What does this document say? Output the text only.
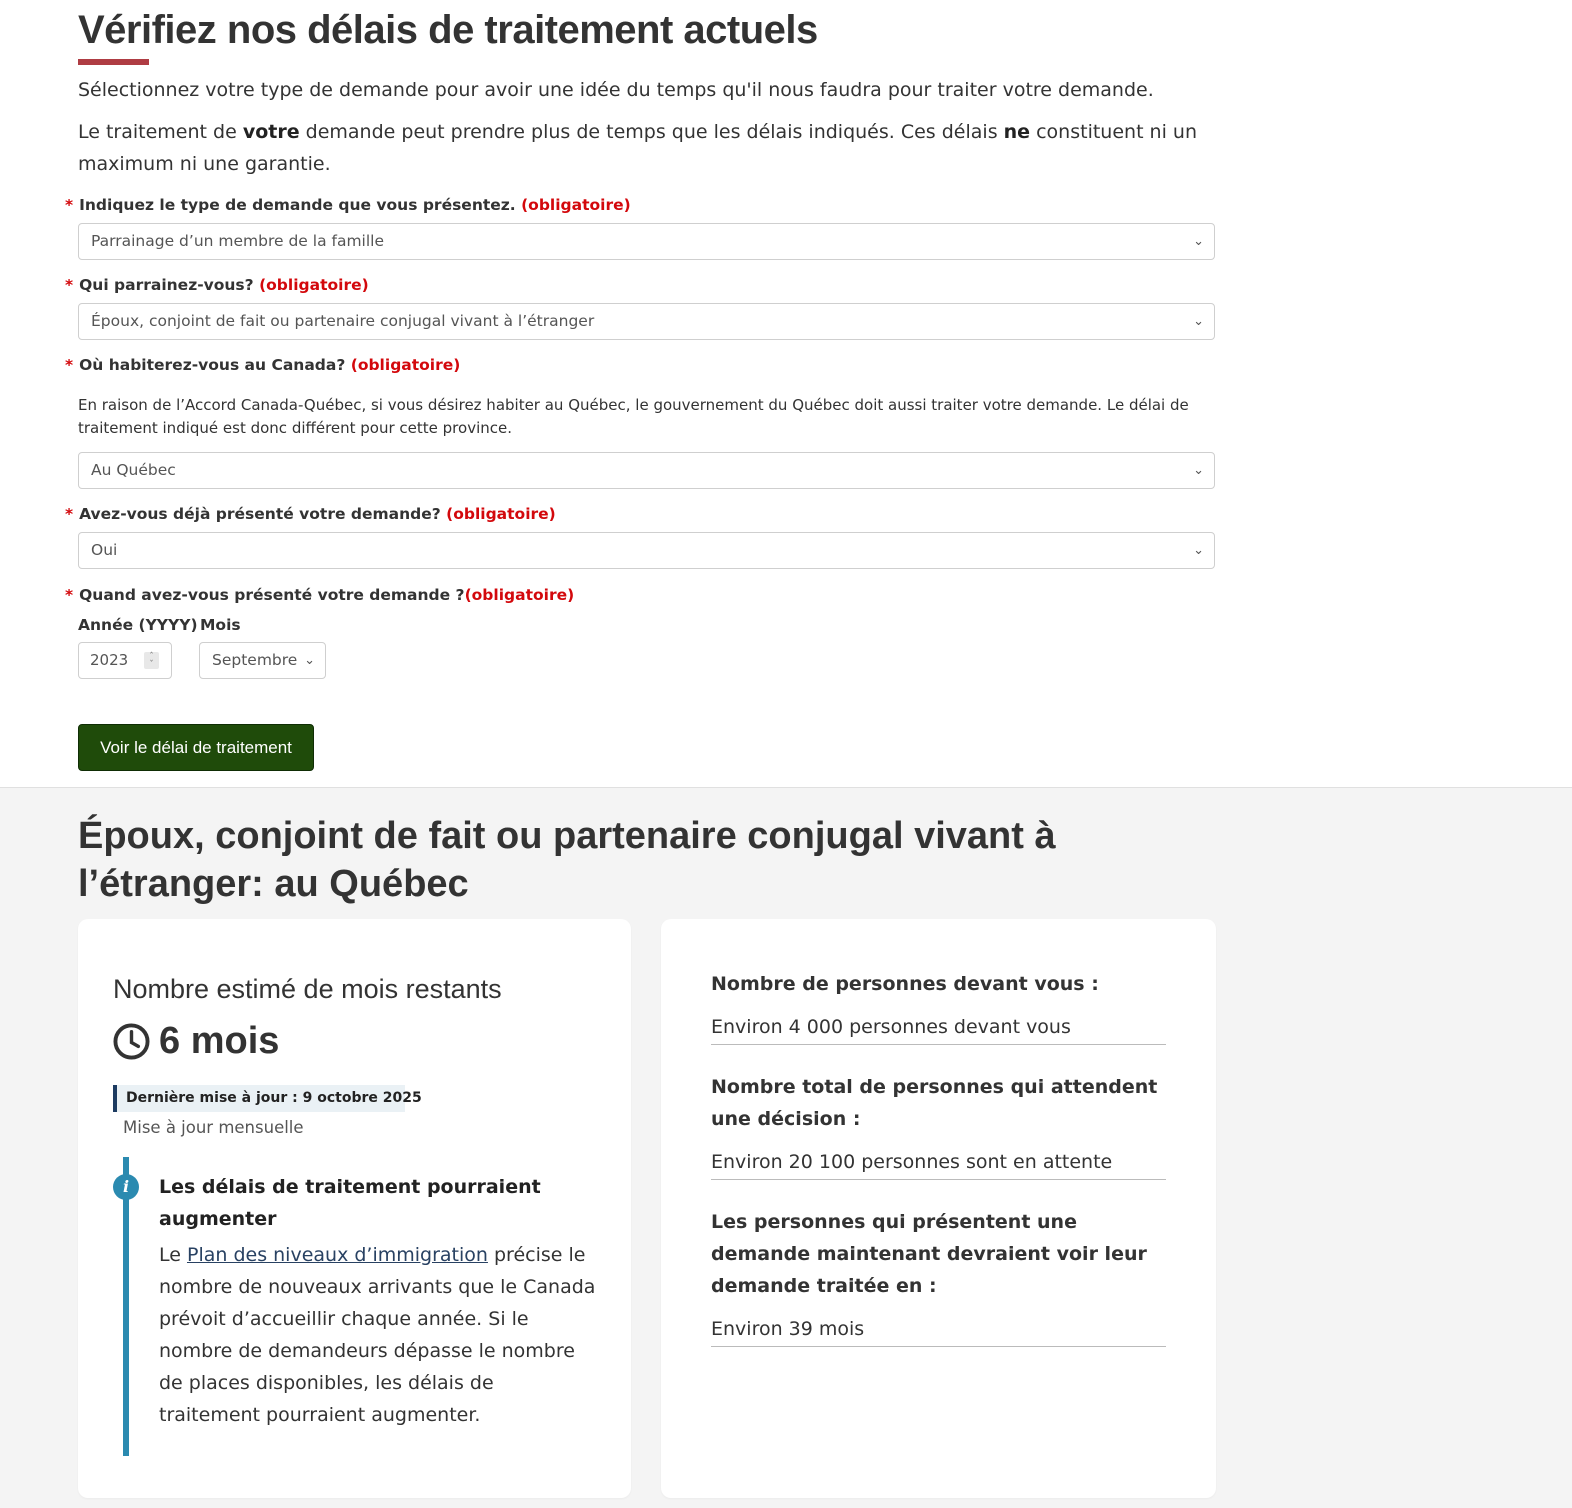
Vérifiez nos délais de traitement actuels

Sélectionnez votre type de demande pour avoir une idée du temps qu'il nous faudra pour traiter votre demande.

Le traitement de votre demande peut prendre plus de temps que les délais indiqués. Ces délais ne constituent ni un maximum ni une garantie.

* Indiquez le type de demande que vous présentez. (obligatoire)
Parrainage d’un membre de la famille	⌄
* Qui parrainez-vous? (obligatoire)
Époux, conjoint de fait ou partenaire conjugal vivant à l’étranger	⌄
* Où habiterez-vous au Canada? (obligatoire)

En raison de l’Accord Canada-Québec, si vous désirez habiter au Québec, le gouvernement du Québec doit aussi traiter votre demande. Le délai de traitement indiqué est donc différent pour cette province.

Au Québec	⌄
* Avez-vous déjà présenté votre demande? (obligatoire)
Oui	⌄
* Quand avez-vous présenté votre demande ?(obligatoire)
Année (YYYY) Mois
2023	ˆ
ˇ	Septembre ⌄
Voir le délai de traitement
Époux, conjoint de fait ou partenaire conjugal vivant à l’étranger: au Québec
Nombre estimé de mois restants
6 mois
Dernière mise à jour : 9 octobre 2025
Mise à jour mensuelle
i	Les délais de traitement pourraient augmenter

Le Plan des niveaux d’immigration précise le nombre de nouveaux arrivants que le Canada prévoit d’accueillir chaque année. Si le nombre de demandeurs dépasse le nombre de places disponibles, les délais de traitement pourraient augmenter.

Nombre de personnes devant vous :

Environ 4 000 personnes devant vous

Nombre total de personnes qui attendent une décision :

Environ 20 100 personnes sont en attente

Les personnes qui présentent une demande maintenant devraient voir leur demande traitée en :

Environ 39 mois
